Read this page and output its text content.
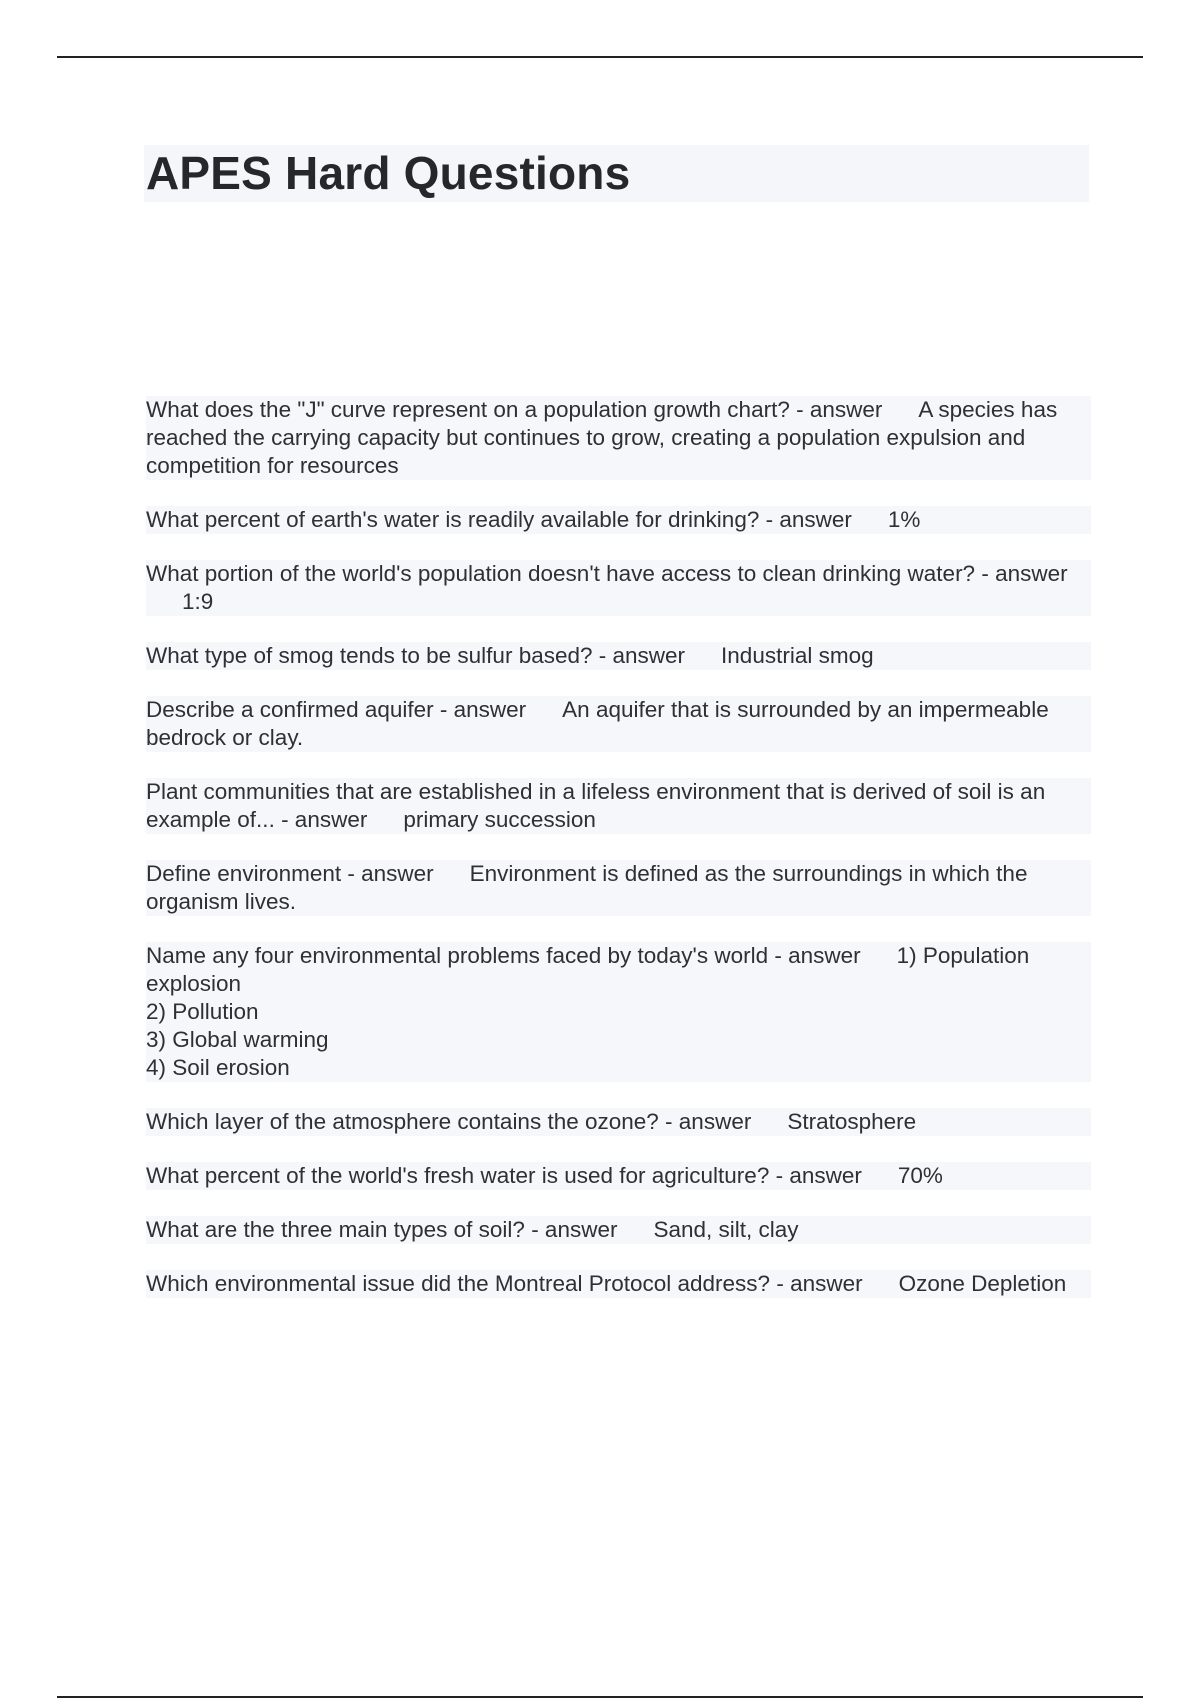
APES Hard Questions

What does the "J" curve represent on a population growth chart? - answer A species has reached the carrying capacity but continues to grow, creating a population expulsion and competition for resources

What percent of earth's water is readily available for drinking? - answer 1%

What portion of the world's population doesn't have access to clean drinking water? - answer1:9

What type of smog tends to be sulfur based? - answer Industrial smog

Describe a confirmed aquifer - answer An aquifer that is surrounded by an impermeable bedrock or clay.

Plant communities that are established in a lifeless environment that is derived of soil is an example of... - answer primary succession

Define environment - answer Environment is defined as the surroundings in which the organism lives.

Name any four environmental problems faced by today's world - answer 1) Population explosion
2) Pollution
3) Global warming
4) Soil erosion

Which layer of the atmosphere contains the ozone? - answer Stratosphere

What percent of the world's fresh water is used for agriculture? - answer 70%

What are the three main types of soil? - answer Sand, silt, clay

Which environmental issue did the Montreal Protocol address? - answer Ozone Depletion
